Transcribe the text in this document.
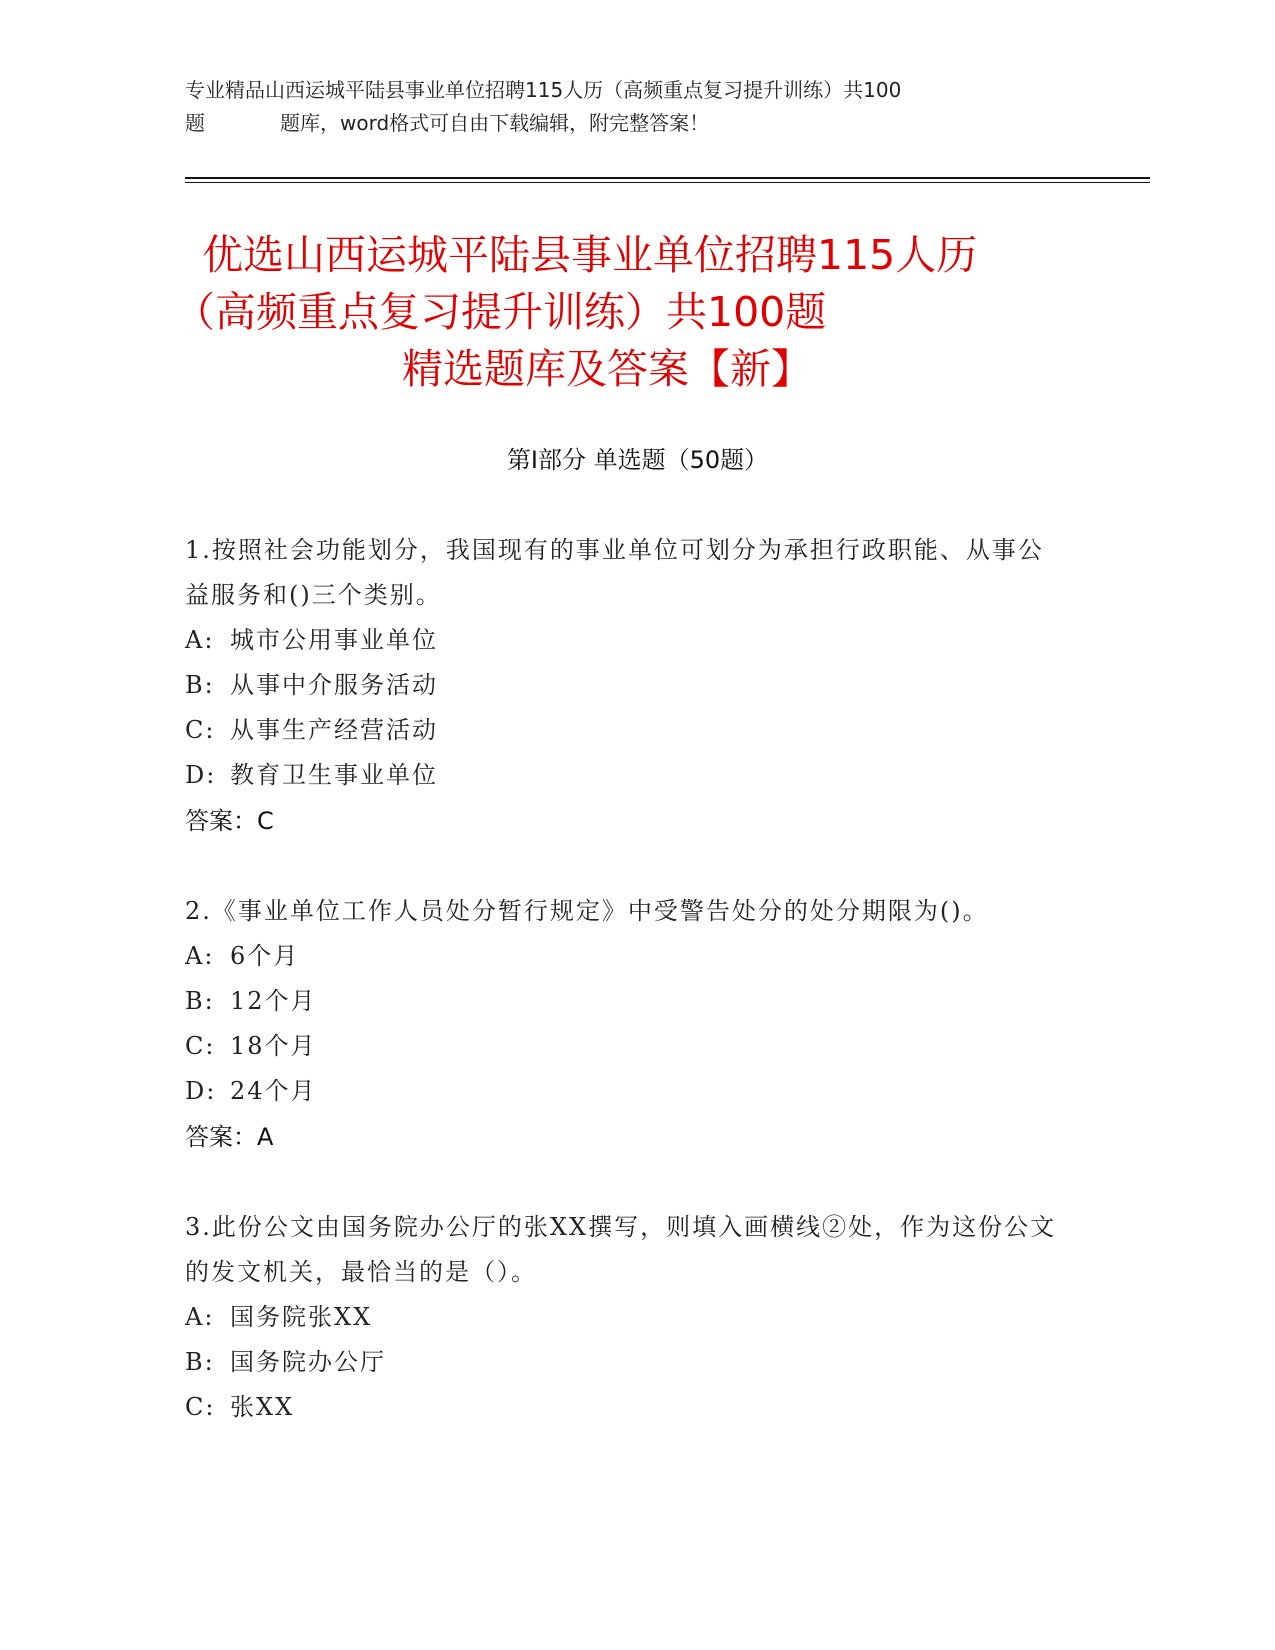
专业精品山西运城平陆县事业单位招聘115人历（高频重点复习提升训练）共100
题	题库，word格式可自由下载编辑，附完整答案！
优选山西运城平陆县事业单位招聘115人历
（高频重点复习提升训练）共100题
精选题库及答案【新】
第Ⅰ部分 单选题（50题）
1.按照社会功能划分，我国现有的事业单位可划分为承担行政职能、从事公益服务和()三个类别。
A: 城市公用事业单位
B: 从事中介服务活动
C: 从事生产经营活动
D: 教育卫生事业单位
答案：C
2.《事业单位工作人员处分暂行规定》中受警告处分的处分期限为()。
A: 6个月
B: 12个月
C: 18个月
D: 24个月
答案：A
3.此份公文由国务院办公厅的张XX撰写，则填入画横线②处，作为这份公文的发文机关，最恰当的是（）。
A: 国务院张XX
B: 国务院办公厅
C: 张XX
